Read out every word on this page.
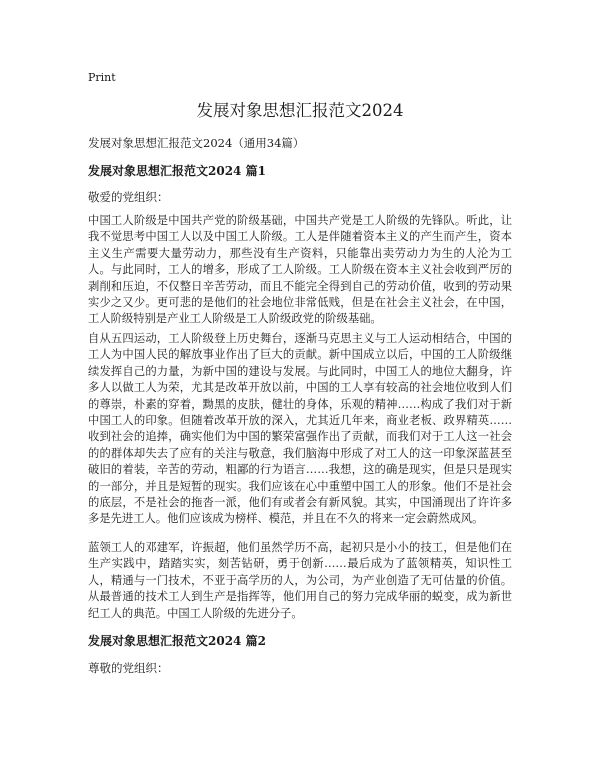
Print
发展对象思想汇报范文2024
发展对象思想汇报范文2024（通用34篇）
发展对象思想汇报范文2024 篇1
敬爱的党组织：

中国工人阶级是中国共产党的阶级基础，中国共产党是工人阶级的先锋队。听此，让我不觉思考中国工人以及中国工人阶级。工人是伴随着资本主义的产生而产生，资本主义生产需要大量劳动力，那些没有生产资料，只能靠出卖劳动力为生的人沦为工人。与此同时，工人的增多，形成了工人阶级。工人阶级在资本主义社会收到严厉的剥削和压迫，不仅整日辛苦劳动，而且不能完全得到自己的劳动价值，收到的劳动果实少之又少。更可悲的是他们的社会地位非常低贱，但是在社会主义社会，在中国，工人阶级特别是产业工人阶级是工人阶级政党的阶级基础。

自从五四运动，工人阶级登上历史舞台，逐渐马克思主义与工人运动相结合，中国的工人为中国人民的解放事业作出了巨大的贡献。新中国成立以后，中国的工人阶级继续发挥自己的力量，为新中国的建设与发展。与此同时，中国工人的地位大翻身，许多人以做工人为荣，尤其是改革开放以前，中国的工人享有较高的社会地位收到人们的尊崇，朴素的穿着，黝黑的皮肤，健壮的身体，乐观的精神……构成了我们对于新中国工人的印象。但随着改革开放的深入，尤其近几年来，商业老板、政界精英……收到社会的追捧，确实他们为中国的繁荣富强作出了贡献，而我们对于工人这一社会的的群体却失去了应有的关注与敬意，我们脑海中形成了对工人的这一印象深蓝甚至破旧的着装，辛苦的劳动，粗鄙的行为语言……我想，这的确是现实，但是只是现实的一部分，并且是短暂的现实。我们应该在心中重塑中国工人的形象。他们不是社会的底层，不是社会的拖沓一派，他们有或者会有新风貌。其实，中国涌现出了许许多多是先进工人。他们应该成为榜样、模范，并且在不久的将来一定会蔚然成风。

蓝领工人的邓建军，许振超，他们虽然学历不高，起初只是小小的技工，但是他们在生产实践中，踏踏实实，刻苦钻研，勇于创新……最后成为了蓝领精英，知识性工人，精通与一门技术，不亚于高学历的人，为公司，为产业创造了无可估量的价值。从最普通的技术工人到生产是指挥等，他们用自己的努力完成华丽的蜕变，成为新世纪工人的典范。中国工人阶级的先进分子。

发展对象思想汇报范文2024 篇2
尊敬的党组织：
